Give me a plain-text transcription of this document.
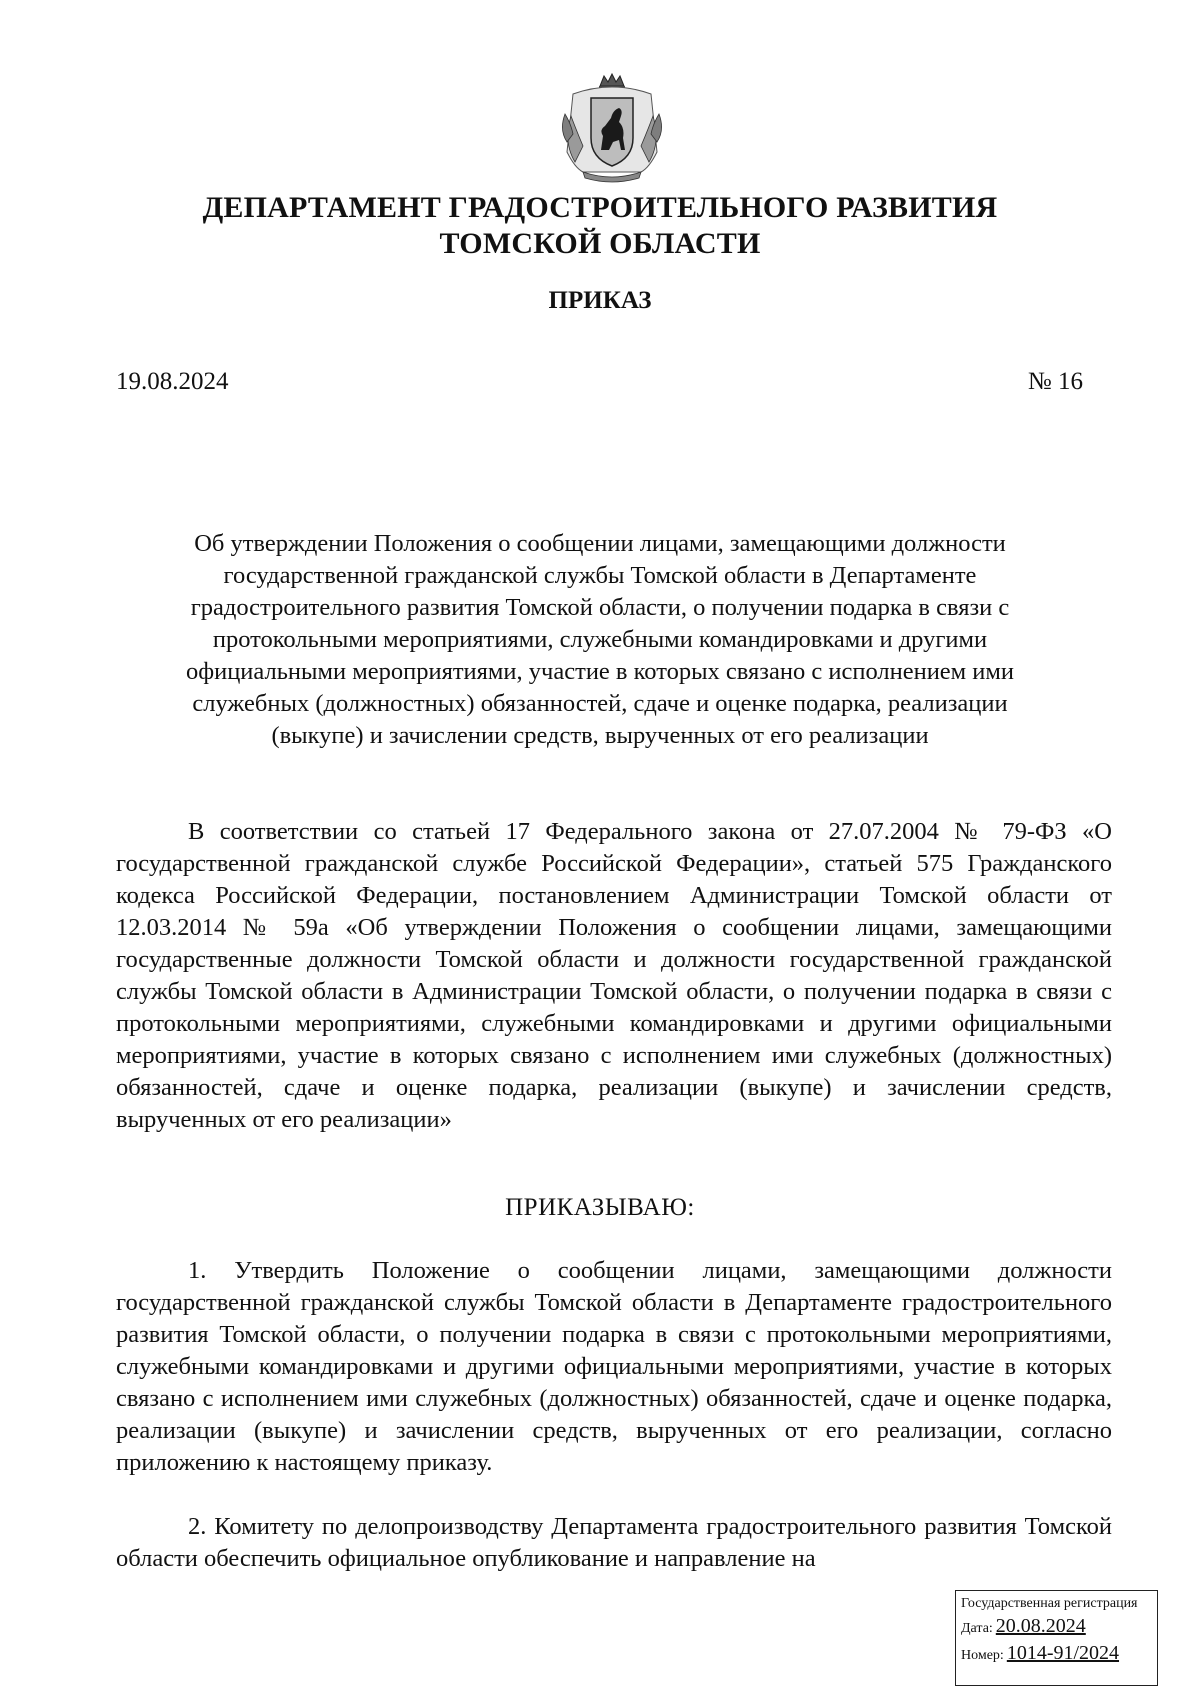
ДЕПАРТАМЕНТ ГРАДОСТРОИТЕЛЬНОГО РАЗВИТИЯ
ТОМСКОЙ ОБЛАСТИ
ПРИКАЗ
19.08.2024	№ 16
Об утверждении Положения о сообщении лицами, замещающими должности
государственной гражданской службы Томской области в Департаменте
градостроительного развития Томской области, о получении подарка в связи с
протокольными мероприятиями, служебными командировками и другими
официальными мероприятиями, участие в которых связано с исполнением ими
служебных (должностных) обязанностей, сдаче и оценке подарка, реализации
(выкупе) и зачислении средств, вырученных от его реализации

В соответствии со статьей 17 Федерального закона от 27.07.2004 № 79-ФЗ «О государственной гражданской службе Российской Федерации», статьей 575 Гражданского кодекса Российской Федерации, постановлением Администрации Томской области от 12.03.2014 № 59а «Об утверждении Положения о сообщении лицами, замещающими государственные должности Томской области и должности государственной гражданской службы Томской области в Администрации Томской области, о получении подарка в связи с протокольными мероприятиями, служебными командировками и другими официальными мероприятиями, участие в которых связано с исполнением ими служебных (должностных) обязанностей, сдаче и оценке подарка, реализации (выкупе) и зачислении средств, вырученных от его реализации»

ПРИКАЗЫВАЮ:

1. Утвердить Положение о сообщении лицами, замещающими должности государственной гражданской службы Томской области в Департаменте градостроительного развития Томской области, о получении подарка в связи с протокольными мероприятиями, служебными командировками и другими официальными мероприятиями, участие в которых связано с исполнением ими служебных (должностных) обязанностей, сдаче и оценке подарка, реализации (выкупе) и зачислении средств, вырученных от его реализации, согласно приложению к настоящему приказу.

2. Комитету по делопроизводству Департамента градостроительного развития Томской области обеспечить официальное опубликование и направление на

Государственная регистрация
Дата: 20.08.2024
Номер: 1014-91/2024
